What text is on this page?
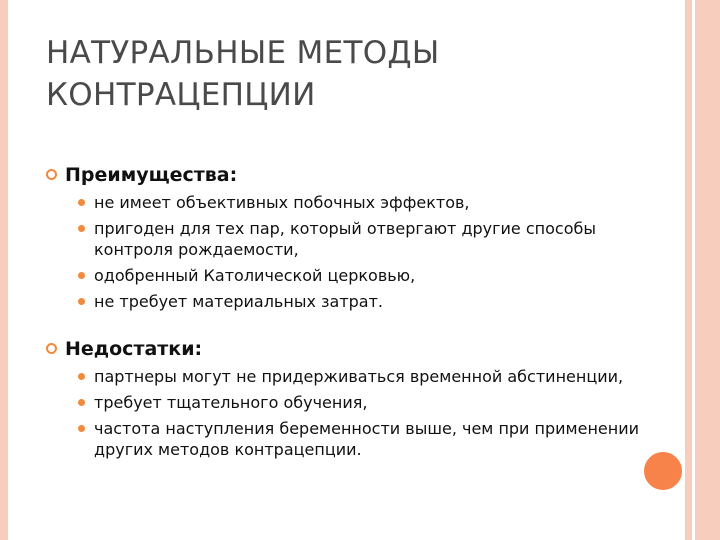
НАТУРАЛЬНЫЕ МЕТОДЫ КОНТРАЦЕПЦИИ
Преимущества:
не имеет объективных побочных эффектов,
пригоден для тех пар, который отвергают другие способы контроля рождаемости,
одобренный Католической церковью,
не требует материальных затрат.
Недостатки:
партнеры могут не придерживаться временной абстиненции,
требует тщательного обучения,
частота наступления беременности выше, чем при применении других методов контрацепции.
